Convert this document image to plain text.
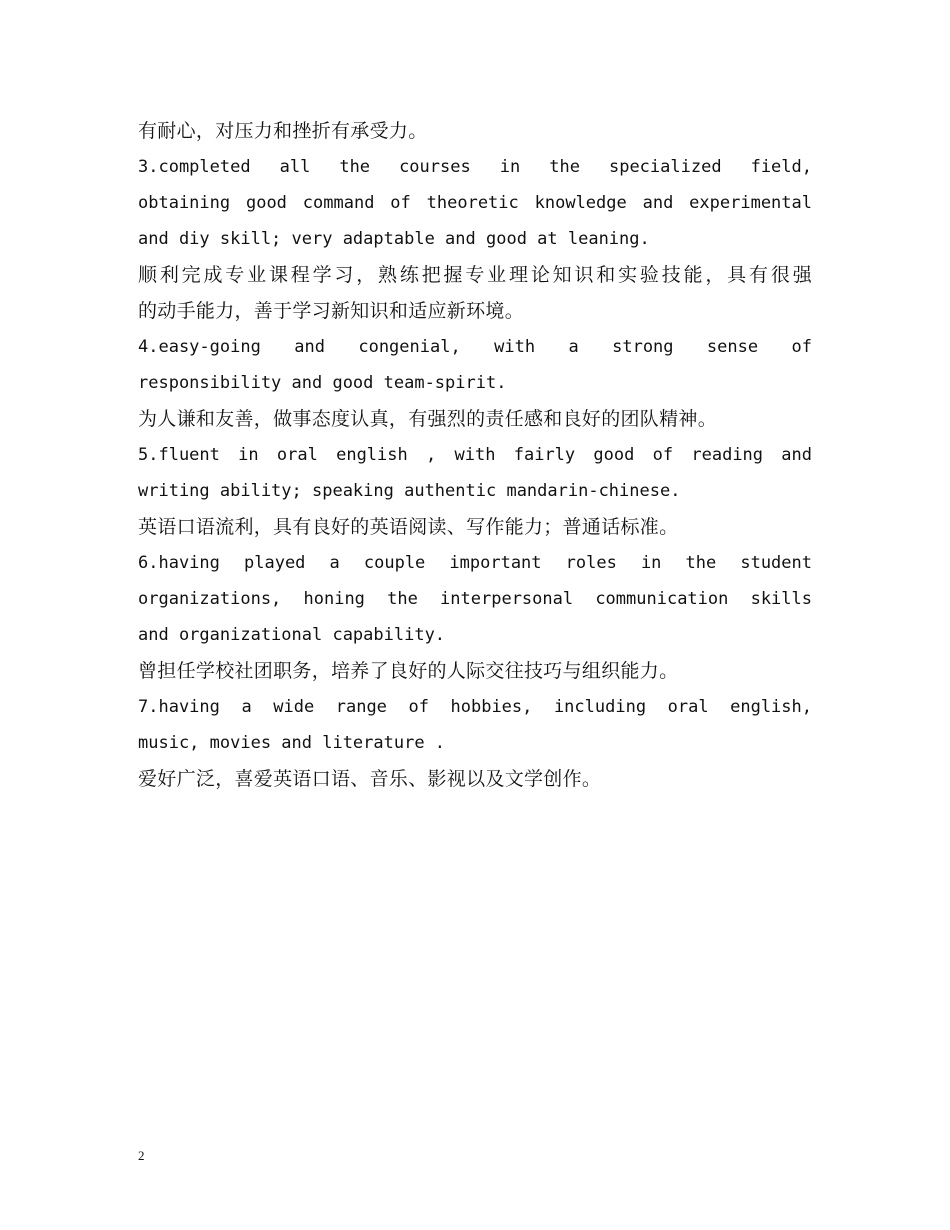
有耐心，对压力和挫折有承受力。
3.completed all the courses in the specialized field,
obtaining good command of theoretic knowledge and experimental
and diy skill; very adaptable and good at leaning.
顺利完成专业课程学习，熟练把握专业理论知识和实验技能，具有很强
的动手能力，善于学习新知识和适应新环境。
4.easy-going and congenial, with a strong sense of
responsibility and good team-spirit.
为人谦和友善，做事态度认真，有强烈的责任感和良好的团队精神。
5.fluent in oral english , with fairly good of reading and
writing ability; speaking authentic mandarin-chinese.
英语口语流利，具有良好的英语阅读、写作能力；普通话标准。
6.having played a couple important roles in the student
organizations, honing the interpersonal communication skills
and organizational capability.
曾担任学校社团职务，培养了良好的人际交往技巧与组织能力。
7.having a wide range of hobbies, including oral english,
music, movies and literature .
爱好广泛，喜爱英语口语、音乐、影视以及文学创作。
2
